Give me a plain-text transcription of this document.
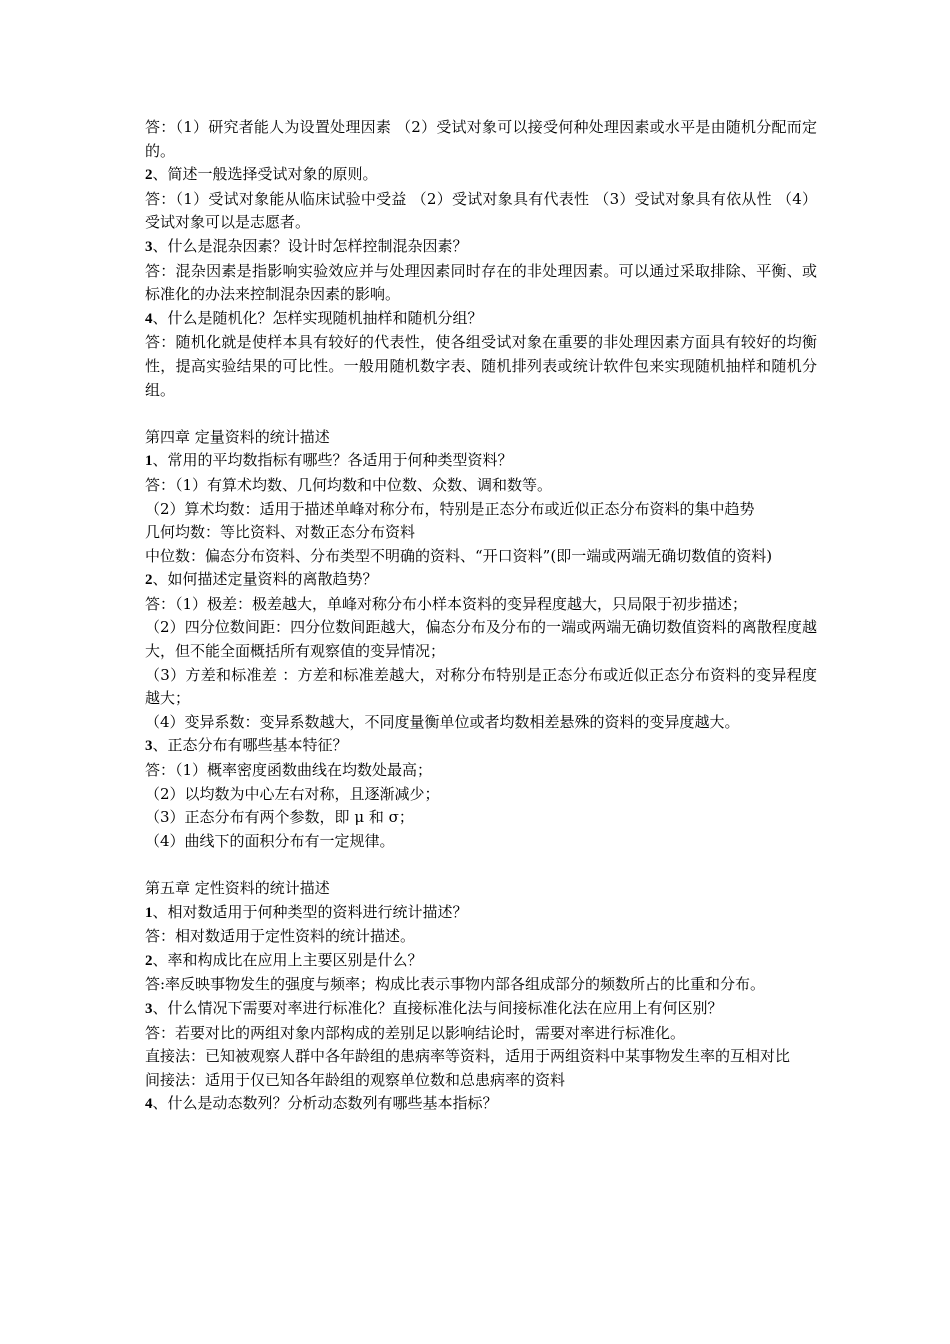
答：（1）研究者能人为设置处理因素 （2）受试对象可以接受何种处理因素或水平是由随机分配而定的。
2、简述一般选择受试对象的原则。
答：（1）受试对象能从临床试验中受益 （2）受试对象具有代表性 （3）受试对象具有依从性 （4）受试对象可以是志愿者。
3、什么是混杂因素？设计时怎样控制混杂因素？
答：混杂因素是指影响实验效应并与处理因素同时存在的非处理因素。可以通过采取排除、平衡、或标准化的办法来控制混杂因素的影响。
4、什么是随机化？怎样实现随机抽样和随机分组？
答：随机化就是使样本具有较好的代表性，使各组受试对象在重要的非处理因素方面具有较好的均衡性，提高实验结果的可比性。一般用随机数字表、随机排列表或统计软件包来实现随机抽样和随机分组。
第四章 定量资料的统计描述
1、常用的平均数指标有哪些？各适用于何种类型资料？
答：（1）有算术均数、几何均数和中位数、众数、调和数等。
（2）算术均数：适用于描述单峰对称分布，特别是正态分布或近似正态分布资料的集中趋势
几何均数：等比资料、对数正态分布资料
中位数：偏态分布资料、分布类型不明确的资料、“开口资料”(即一端或两端无确切数值的资料)
2、如何描述定量资料的离散趋势？
答：（1）极差：极差越大，单峰对称分布小样本资料的变异程度越大，只局限于初步描述；
（2）四分位数间距：四分位数间距越大，偏态分布及分布的一端或两端无确切数值资料的离散程度越大，但不能全面概括所有观察值的变异情况；
（3）方差和标准差 ：方差和标准差越大，对称分布特别是正态分布或近似正态分布资料的变异程度越大；
（4）变异系数：变异系数越大，不同度量衡单位或者均数相差悬殊的资料的变异度越大。
3、正态分布有哪些基本特征？
答：（1）概率密度函数曲线在均数处最高；
（2）以均数为中心左右对称，且逐渐减少；
（3）正态分布有两个参数，即 μ 和 σ；
（4）曲线下的面积分布有一定规律。
第五章 定性资料的统计描述
1、相对数适用于何种类型的资料进行统计描述？
答：相对数适用于定性资料的统计描述。
2、率和构成比在应用上主要区别是什么？
答:率反映事物发生的强度与频率；构成比表示事物内部各组成部分的频数所占的比重和分布。
3、什么情况下需要对率进行标准化？直接标准化法与间接标准化法在应用上有何区别？
答：若要对比的两组对象内部构成的差别足以影响结论时，需要对率进行标准化。
直接法：已知被观察人群中各年龄组的患病率等资料，适用于两组资料中某事物发生率的互相对比
间接法：适用于仅已知各年龄组的观察单位数和总患病率的资料
4、什么是动态数列？分析动态数列有哪些基本指标？
